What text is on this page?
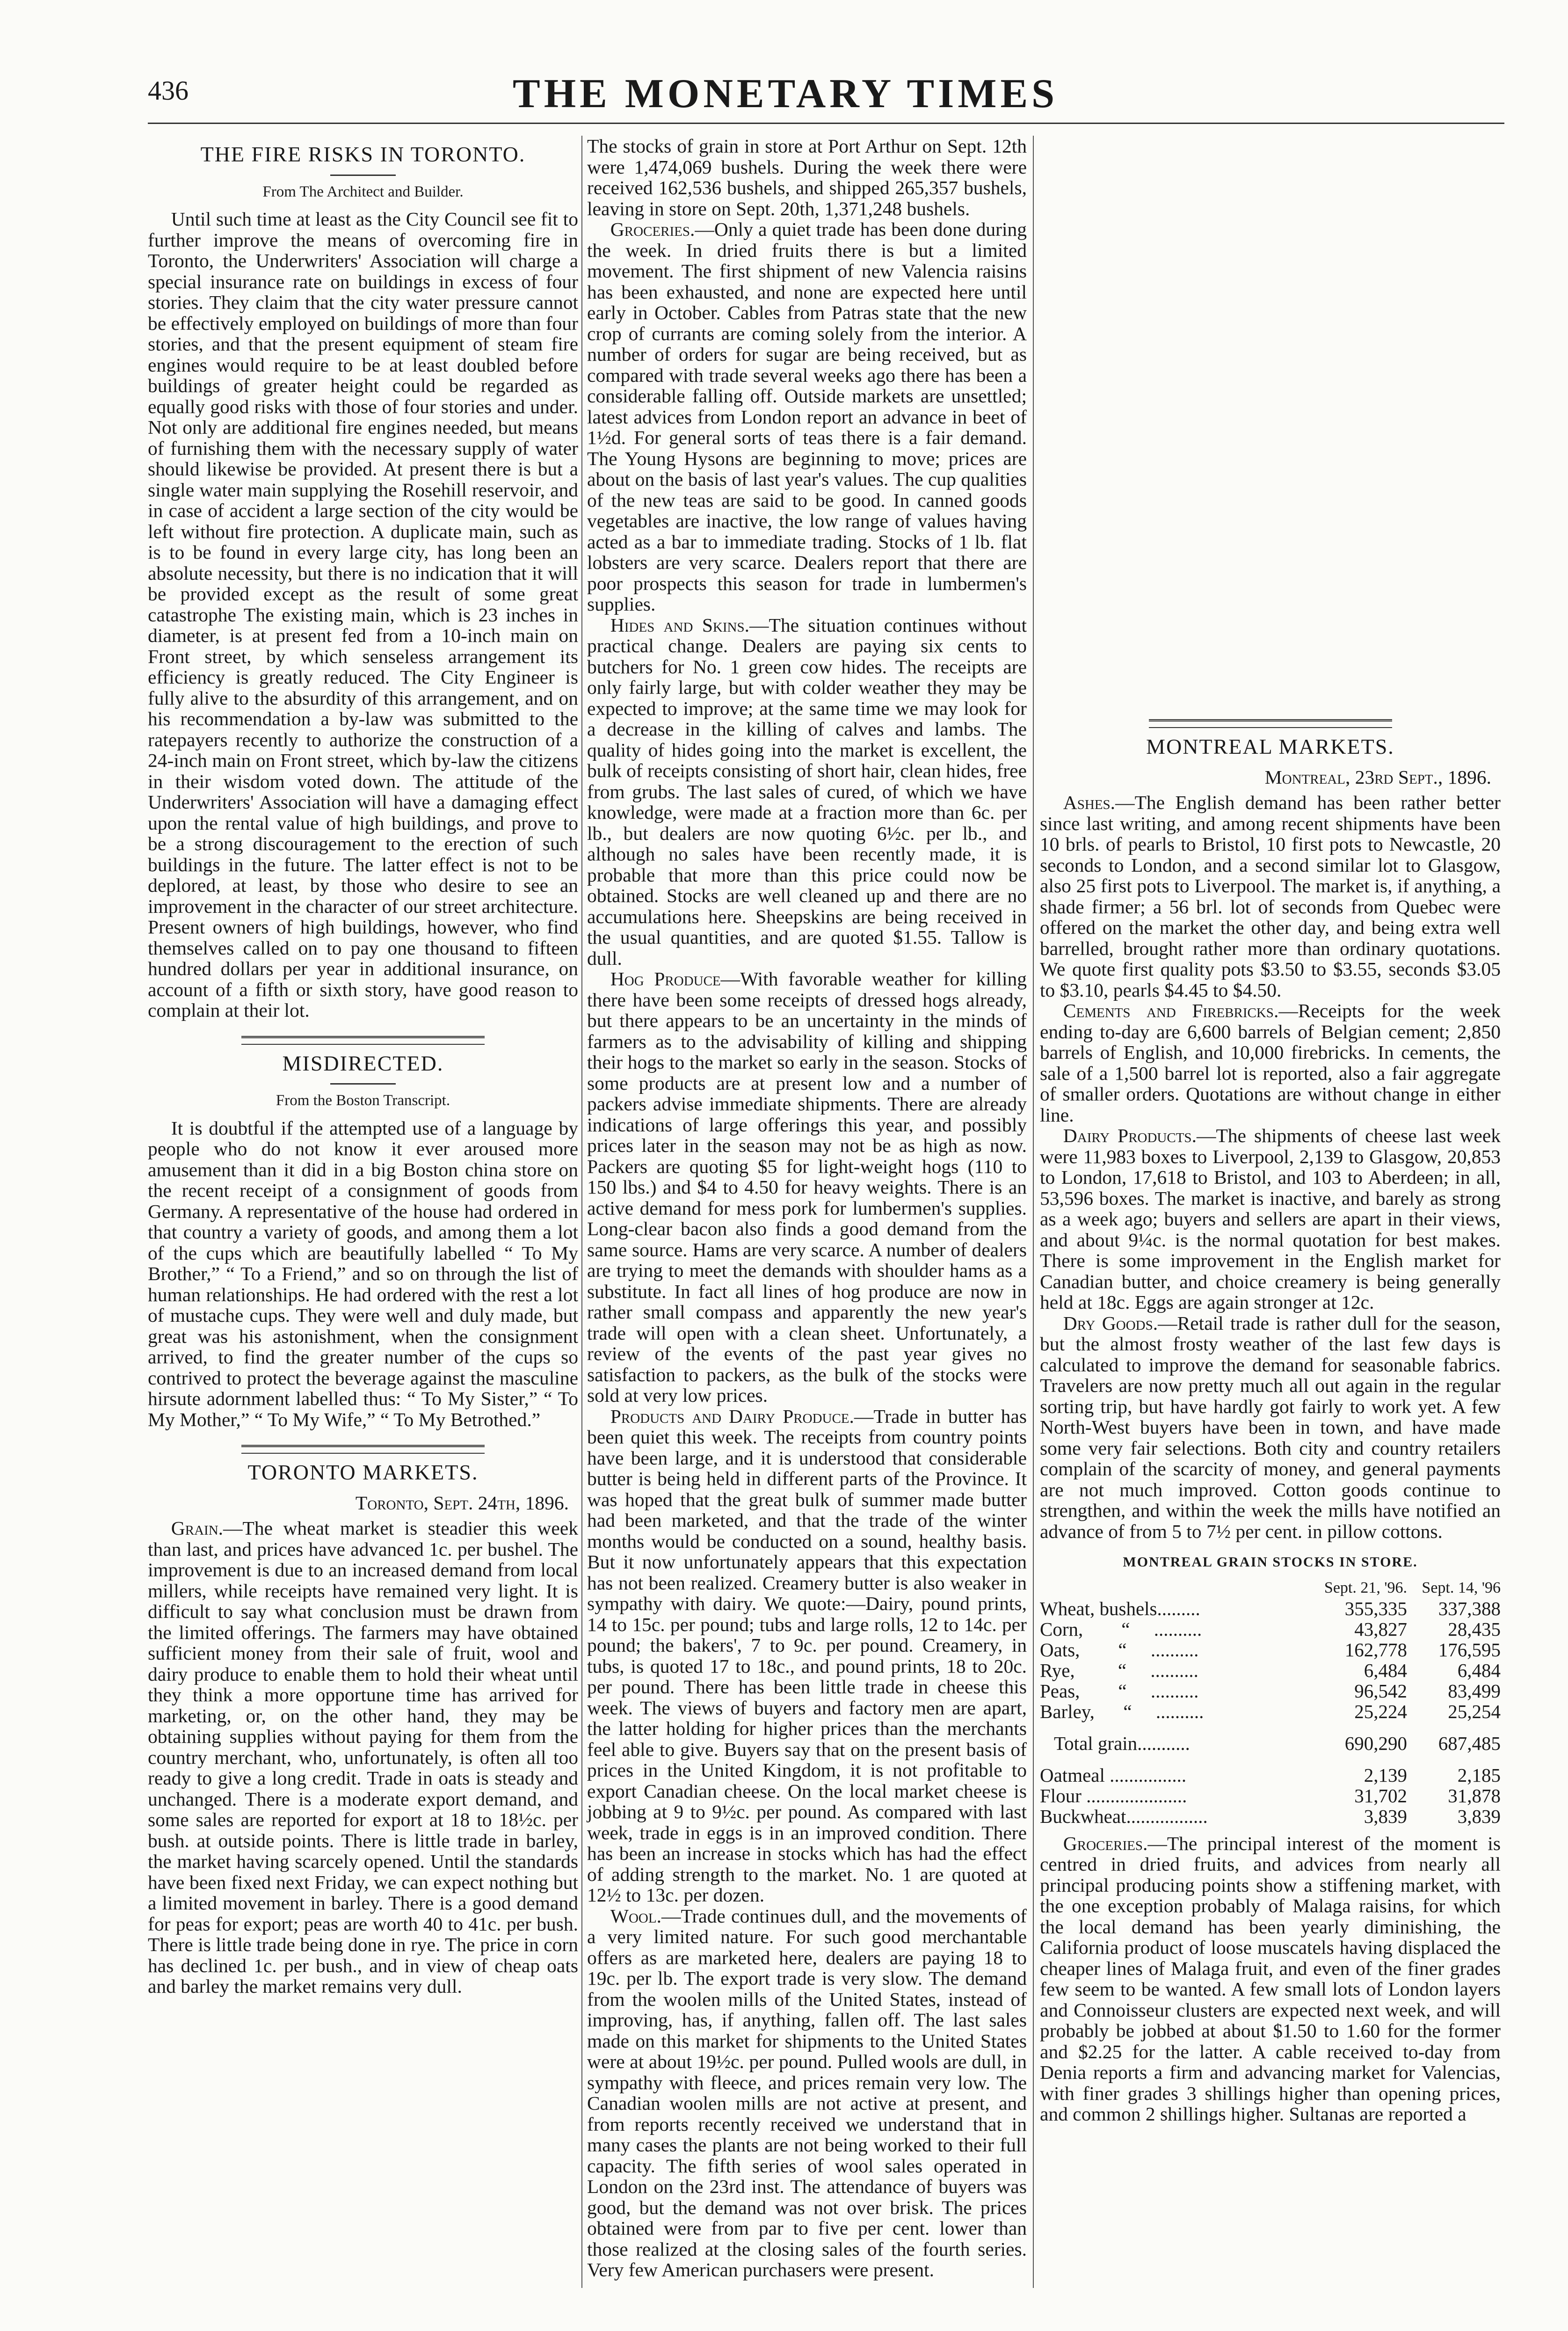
436	THE MONETARY TIMES
THE FIRE RISKS IN TORONTO.
From The Architect and Builder.

Until such time at least as the City Council see fit to further improve the means of overcoming fire in Toronto, the Underwriters' Association will charge a special insurance rate on buildings in excess of four stories. They claim that the city water pressure cannot be effectively employed on buildings of more than four stories, and that the present equipment of steam fire engines would require to be at least doubled before buildings of greater height could be regarded as equally good risks with those of four stories and under. Not only are additional fire engines needed, but means of furnishing them with the necessary supply of water should likewise be provided. At present there is but a single water main supplying the Rosehill reservoir, and in case of accident a large section of the city would be left without fire protection. A duplicate main, such as is to be found in every large city, has long been an absolute necessity, but there is no indication that it will be provided except as the result of some great catastrophe The existing main, which is 23 inches in diameter, is at present fed from a 10-inch main on Front street, by which senseless arrangement its efficiency is greatly reduced. The City Engineer is fully alive to the absurdity of this arrangement, and on his recommendation a by-law was submitted to the ratepayers recently to authorize the construction of a 24-inch main on Front street, which by-law the citizens in their wisdom voted down. The attitude of the Underwriters' Association will have a damaging effect upon the rental value of high buildings, and prove to be a strong discouragement to the erection of such buildings in the future. The latter effect is not to be deplored, at least, by those who desire to see an improvement in the character of our street architecture. Present owners of high buildings, however, who find themselves called on to pay one thousand to fifteen hundred dollars per year in additional insurance, on account of a fifth or sixth story, have good reason to complain at their lot.

MISDIRECTED.
From the Boston Transcript.

It is doubtful if the attempted use of a language by people who do not know it ever aroused more amusement than it did in a big Boston china store on the recent receipt of a consignment of goods from Germany. A representative of the house had ordered in that country a variety of goods, and among them a lot of the cups which are beautifully labelled “ To My Brother,” “ To a Friend,” and so on through the list of human relationships. He had ordered with the rest a lot of mustache cups. They were well and duly made, but great was his astonishment, when the consignment arrived, to find the greater number of the cups so contrived to protect the beverage against the masculine hirsute adornment labelled thus: “ To My Sister,” “ To My Mother,” “ To My Wife,” “ To My Betrothed.”

TORONTO MARKETS.
Toronto, Sept. 24th, 1896.

Grain.—The wheat market is steadier this week than last, and prices have advanced 1c. per bushel. The improvement is due to an increased demand from local millers, while receipts have remained very light. It is difficult to say what conclusion must be drawn from the limited offerings. The farmers may have obtained sufficient money from their sale of fruit, wool and dairy produce to enable them to hold their wheat until they think a more opportune time has arrived for marketing, or, on the other hand, they may be obtaining supplies without paying for them from the country merchant, who, unfortunately, is often all too ready to give a long credit. Trade in oats is steady and unchanged. There is a moderate export demand, and some sales are reported for export at 18 to 18½c. per bush. at outside points. There is little trade in barley, the market having scarcely opened. Until the standards have been fixed next Friday, we can expect nothing but a limited movement in barley. There is a good demand for peas for export; peas are worth 40 to 41c. per bush. There is little trade being done in rye. The price in corn has declined 1c. per bush., and in view of cheap oats and barley the market remains very dull.

The stocks of grain in store at Port Arthur on Sept. 12th were 1,474,069 bushels. During the week there were received 162,536 bushels, and shipped 265,357 bushels, leaving in store on Sept. 20th, 1,371,248 bushels.

Groceries.—Only a quiet trade has been done during the week. In dried fruits there is but a limited movement. The first shipment of new Valencia raisins has been exhausted, and none are expected here until early in October. Cables from Patras state that the new crop of currants are coming solely from the interior. A number of orders for sugar are being received, but as compared with trade several weeks ago there has been a considerable falling off. Outside markets are unsettled; latest advices from London report an advance in beet of 1½d. For general sorts of teas there is a fair demand. The Young Hysons are beginning to move; prices are about on the basis of last year's values. The cup qualities of the new teas are said to be good. In canned goods vegetables are inactive, the low range of values having acted as a bar to immediate trading. Stocks of 1 lb. flat lobsters are very scarce. Dealers report that there are poor prospects this season for trade in lumbermen's supplies.

Hides and Skins.—The situation continues without practical change. Dealers are paying six cents to butchers for No. 1 green cow hides. The receipts are only fairly large, but with colder weather they may be expected to improve; at the same time we may look for a decrease in the killing of calves and lambs. The quality of hides going into the market is excellent, the bulk of receipts consisting of short hair, clean hides, free from grubs. The last sales of cured, of which we have knowledge, were made at a fraction more than 6c. per lb., but dealers are now quoting 6½c. per lb., and although no sales have been recently made, it is probable that more than this price could now be obtained. Stocks are well cleaned up and there are no accumulations here. Sheepskins are being received in the usual quantities, and are quoted $1.55. Tallow is dull.

Hog Produce—With favorable weather for killing there have been some receipts of dressed hogs already, but there appears to be an uncertainty in the minds of farmers as to the advisability of killing and shipping their hogs to the market so early in the season. Stocks of some products are at present low and a number of packers advise immediate shipments. There are already indications of large offerings this year, and possibly prices later in the season may not be as high as now. Packers are quoting $5 for light-weight hogs (110 to 150 lbs.) and $4 to 4.50 for heavy weights. There is an active demand for mess pork for lumbermen's supplies. Long-clear bacon also finds a good demand from the same source. Hams are very scarce. A number of dealers are trying to meet the demands with shoulder hams as a substitute. In fact all lines of hog produce are now in rather small compass and apparently the new year's trade will open with a clean sheet. Unfortunately, a review of the events of the past year gives no satisfaction to packers, as the bulk of the stocks were sold at very low prices.

Products and Dairy Produce.—Trade in butter has been quiet this week. The receipts from country points have been large, and it is understood that considerable butter is being held in different parts of the Province. It was hoped that the great bulk of summer made butter had been marketed, and that the trade of the winter months would be conducted on a sound, healthy basis. But it now unfortunately appears that this expectation has not been realized. Creamery butter is also weaker in sympathy with dairy. We quote:—Dairy, pound prints, 14 to 15c. per pound; tubs and large rolls, 12 to 14c. per pound; the bakers', 7 to 9c. per pound. Creamery, in tubs, is quoted 17 to 18c., and pound prints, 18 to 20c. per pound. There has been little trade in cheese this week. The views of buyers and factory men are apart, the latter holding for higher prices than the merchants feel able to give. Buyers say that on the present basis of prices in the United Kingdom, it is not profitable to export Canadian cheese. On the local market cheese is jobbing at 9 to 9½c. per pound. As compared with last week, trade in eggs is in an improved condition. There has been an increase in stocks which has had the effect of adding strength to the market. No. 1 are quoted at 12½ to 13c. per dozen.

Wool.—Trade continues dull, and the movements of a very limited nature. For such good merchantable offers as are marketed here, dealers are paying 18 to 19c. per lb. The export trade is very slow. The demand from the woolen mills of the United States, instead of improving, has, if anything, fallen off. The last sales made on this market for shipments to the United States were at about 19½c. per pound. Pulled wools are dull, in sympathy with fleece, and prices remain very low. The Canadian woolen mills are not active at present, and from reports recently received we understand that in many cases the plants are not being worked to their full capacity. The fifth series of wool sales operated in London on the 23rd inst. The attendance of buyers was good, but the demand was not over brisk. The prices obtained were from par to five per cent. lower than those realized at the closing sales of the fourth series. Very few American purchasers were present.

MONTREAL MARKETS.
Montreal, 23rd Sept., 1896.

Ashes.—The English demand has been rather better since last writing, and among recent shipments have been 10 brls. of pearls to Bristol, 10 first pots to Newcastle, 20 seconds to London, and a second similar lot to Glasgow, also 25 first pots to Liverpool. The market is, if anything, a shade firmer; a 56 brl. lot of seconds from Quebec were offered on the market the other day, and being extra well barrelled, brought rather more than ordinary quotations. We quote first quality pots $3.50 to $3.55, seconds $3.05 to $3.10, pearls $4.45 to $4.50.

Cements and Firebricks.—Receipts for the week ending to-day are 6,600 barrels of Belgian cement; 2,850 barrels of English, and 10,000 firebricks. In cements, the sale of a 1,500 barrel lot is reported, also a fair aggregate of smaller orders. Quotations are without change in either line.

Dairy Products.—The shipments of cheese last week were 11,983 boxes to Liverpool, 2,139 to Glasgow, 20,853 to London, 17,618 to Bristol, and 103 to Aberdeen; in all, 53,596 boxes. The market is inactive, and barely as strong as a week ago; buyers and sellers are apart in their views, and about 9¼c. is the normal quotation for best makes. There is some improvement in the English market for Canadian butter, and choice creamery is being generally held at 18c. Eggs are again stronger at 12c.

Dry Goods.—Retail trade is rather dull for the season, but the almost frosty weather of the last few days is calculated to improve the demand for seasonable fabrics. Travelers are now pretty much all out again in the regular sorting trip, but have hardly got fairly to work yet. A few North-West buyers have been in town, and have made some very fair selections. Both city and country retailers complain of the scarcity of money, and general payments are not much improved. Cotton goods continue to strengthen, and within the week the mills have notified an advance of from 5 to 7½ per cent. in pillow cottons.

MONTREAL GRAIN STOCKS IN STORE.
	Sept. 21, '96.	Sept. 14, '96
Wheat, bushels.........	355,335	337,388
Corn,        “     ..........	43,827	28,435
Oats,        “     ..........	162,778	176,595
Rye,         “     ..........	6,484	6,484
Peas,        “     ..........	96,542	83,499
Barley,      “     ..........	25,224	25,254

Total grain...........	690,290	687,485

Oatmeal ................	2,139	2,185
Flour .....................	31,702	31,878
Buckwheat.................	3,839	3,839

Groceries.—The principal interest of the moment is centred in dried fruits, and advices from nearly all principal producing points show a stiffening market, with the one exception probably of Malaga raisins, for which the local demand has been yearly diminishing, the California product of loose muscatels having displaced the cheaper lines of Malaga fruit, and even of the finer grades few seem to be wanted. A few small lots of London layers and Connoisseur clusters are expected next week, and will probably be jobbed at about $1.50 to 1.60 for the former and $2.25 for the latter. A cable received to-day from Denia reports a firm and advancing market for Valencias, with finer grades 3 shillings higher than opening prices, and common 2 shillings higher. Sultanas are reported a
